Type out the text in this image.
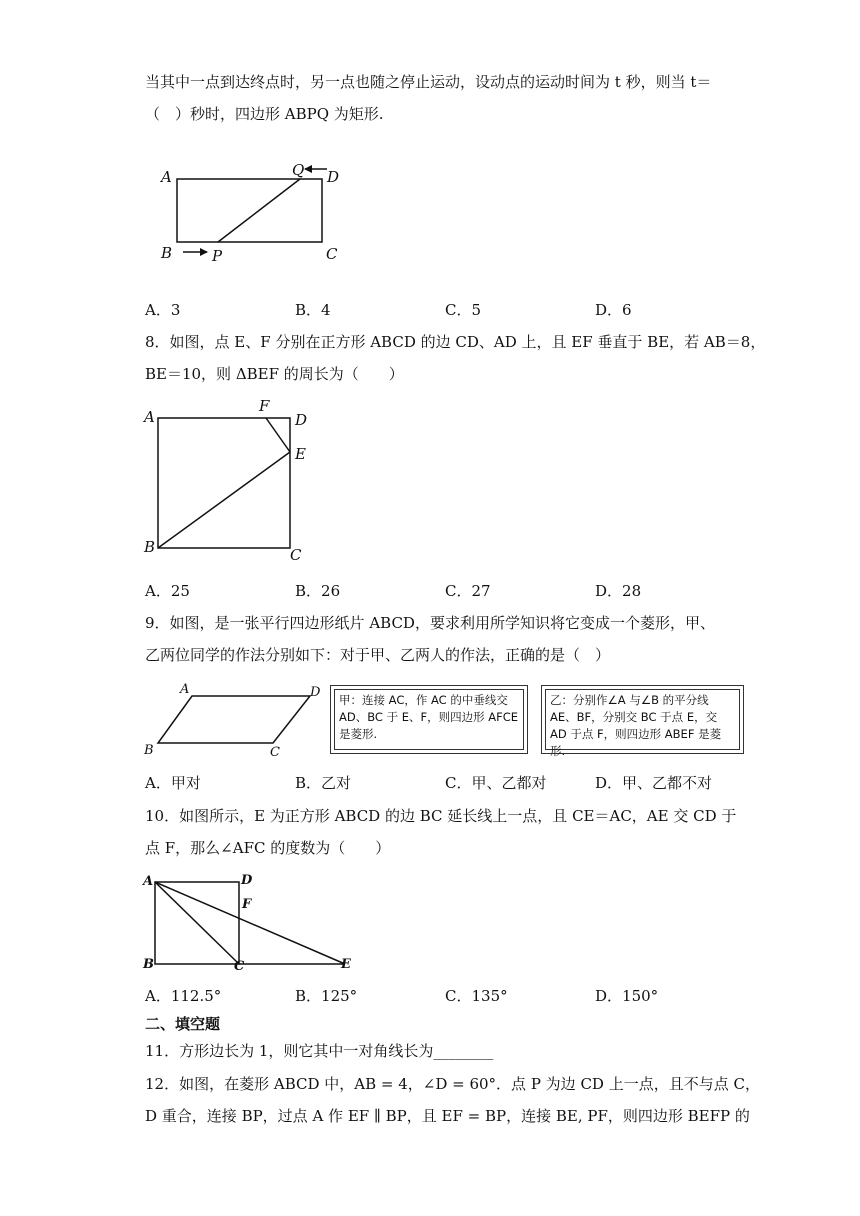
当其中一点到达终点时，另一点也随之停止运动，设动点的运动时间为 t 秒，则当 t＝
（　）秒时，四边形 ABPQ 为矩形.
A
B	C
D
P
Q
A．3	B．4	C．5	D．6
8．如图，点 E、F 分别在正方形 ABCD 的边 CD、AD 上，且 EF 垂直于 BE，若 AB＝8，
BE＝10，则 ΔBEF 的周长为（　　）
A
B	C
D
E
F
A．25	B．26	C．27	D．28
9．如图，是一张平行四边形纸片 ABCD，要求利用所学知识将它变成一个菱形，甲、
乙两位同学的作法分别如下：对于甲、乙两人的作法，正确的是（　）
A
B	C
D	甲：连接 AC，作 AC 的中垂线交 AD、BC 于 E、F，则四边形 AFCE 是菱形.
乙：分别作∠A 与∠B 的平分线 AE、BF，分别交 BC 于点 E，交 AD 于点 F，则四边形 ABEF 是菱形.
A．甲对	B．乙对	C．甲、乙都对	D．甲、乙都不对
10．如图所示，E 为正方形 ABCD 的边 BC 延长线上一点，且 CE＝AC，AE 交 CD 于
点 F，那么∠AFC 的度数为（　　）
A
B	C
D
E
F
A．112.5°	B．125°	C．135°	D．150°
二、填空题
11．方形边长为 1，则它其中一对角线长为________
12．如图，在菱形 ABCD 中，AB = 4，∠D = 60°．点 P 为边 CD 上一点，且不与点 C，
D 重合，连接 BP，过点 A 作 EF ∥ BP，且 EF = BP，连接 BE, PF，则四边形 BEFP 的
